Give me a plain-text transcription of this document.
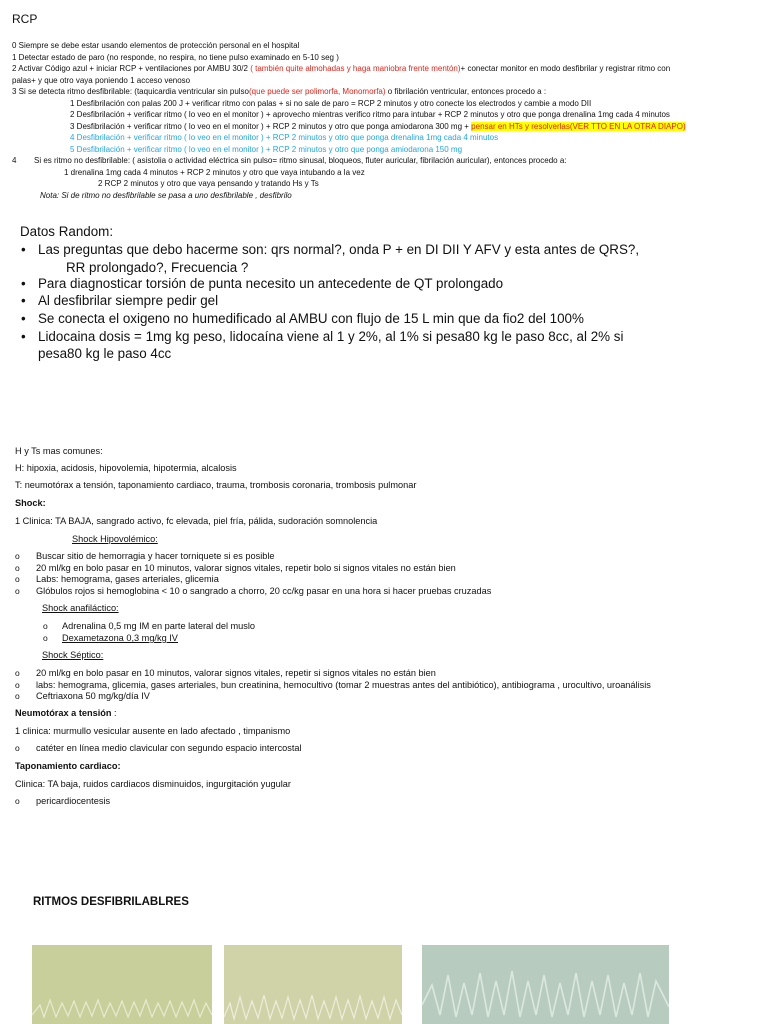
RCP
0 Siempre se debe estar usando elementos de protección personal en el hospital
1 Detectar estado de paro (no responde, no respira, no tiene pulso examinado en 5-10 seg )
2 Activar Código azul + iniciar RCP + ventilaciones por AMBU 30/2 ( también quite almohadas y haga maniobra frente mentón)+ conectar monitor en modo desfibrilar y registrar ritmo con
palas+ y que otro vaya poniendo 1 acceso venoso
3 Si se detecta ritmo desfibrilable: (taquicardia ventricular sin pulso(que puede ser polimorfa, Monomorfa) o fibrilación ventricular, entonces procedo a :
1 Desfibrilación con palas 200 J + verificar ritmo con palas + si no sale de paro = RCP 2 minutos y otro conecte los electrodos y cambie a modo DII
2 Desfibrilación + verificar ritmo ( lo veo en el monitor ) + aprovecho mientras verifico ritmo para intubar + RCP 2 minutos y otro que ponga drenalina 1mg cada 4 minutos
3 Desfibrilación + verificar ritmo ( lo veo en el monitor ) + RCP 2 minutos y otro que ponga amiodarona 300 mg + pensar en HTs y resolverlas(VER TTO EN LA OTRA DIAPO)
4 Desfibrilación + verificar ritmo ( lo veo en el monitor ) + RCP 2 minutos y otro que ponga drenalina 1mg cada 4 minutos
5 Desfibrilación + verificar ritmo ( lo veo en el monitor ) + RCP 2 minutos y otro que ponga amiodarona 150 mg
4 Si es ritmo no desfibrilable: ( asistolia o actividad eléctrica sin pulso= ritmo sinusal, bloqueos, fluter auricular, fibrilación auricular), entonces procedo a:
1 drenalina 1mg cada 4 minutos + RCP 2 minutos y otro que vaya intubando a la vez
2 RCP 2 minutos y otro que vaya pensando y tratando Hs y Ts
Nota: Si de ritmo no desfibrilable se pasa a uno desfibrilable , desfibrilo
Datos Random:
• Las preguntas que debo hacerme son: qrs normal?, onda P + en DI DII Y AFV y esta antes de QRS?,
RR prolongado?, Frecuencia ?
• Para diagnosticar torsión de punta necesito un antecedente de QT prolongado
• Al desfibrilar siempre pedir gel
• Se conecta el oxigeno no humedificado al AMBU con flujo de 15 L min que da fio2 del 100%
• Lidocaina dosis = 1mg kg peso, lidocaína viene al 1 y 2%, al 1% si pesa80 kg le paso 8cc, al 2% si
pesa80 kg le paso 4cc
H y Ts mas comunes:
H: hipoxia, acidosis, hipovolemia, hipotermia, alcalosis
T: neumotórax a tensión, taponamiento cardiaco, trauma, trombosis coronaria, trombosis pulmonar
Shock:
1 Clinica: TA BAJA, sangrado activo, fc elevada, piel fría, pálida, sudoración somnolencia
Shock Hipovolémico:
o Buscar sitio de hemorragia y hacer torniquete si es posible
o 20 ml/kg en bolo pasar en 10 minutos, valorar signos vitales, repetir bolo si signos vitales no están bien
o Labs: hemograma, gases arteriales, glicemia
o Glóbulos rojos si hemoglobina < 10 o sangrado a chorro, 20 cc/kg pasar en una hora si hacer pruebas cruzadas
Shock anafiláctico:
o Adrenalina 0,5 mg IM en parte lateral del muslo
o Dexametazona 0,3 mg/kg IV
Shock Séptico:
o 20 ml/kg en bolo pasar en 10 minutos, valorar signos vitales, repetir si signos vitales no están bien
o labs: hemograma, glicemia, gases arteriales, bun creatinina, hemocultivo (tomar 2 muestras antes del antibiótico), antibiograma , urocultivo, uroanálisis
o Ceftriaxona 50 mg/kg/día IV
Neumotórax a tensión :
1 clinica: murmullo vesicular ausente en lado afectado , timpanismo
o catéter en línea medio clavicular con segundo espacio intercostal
Taponamiento cardiaco:
Clinica: TA baja, ruidos cardiacos disminuidos, ingurgitación yugular
o pericardiocentesis
RITMOS DESFIBRILABLRES
